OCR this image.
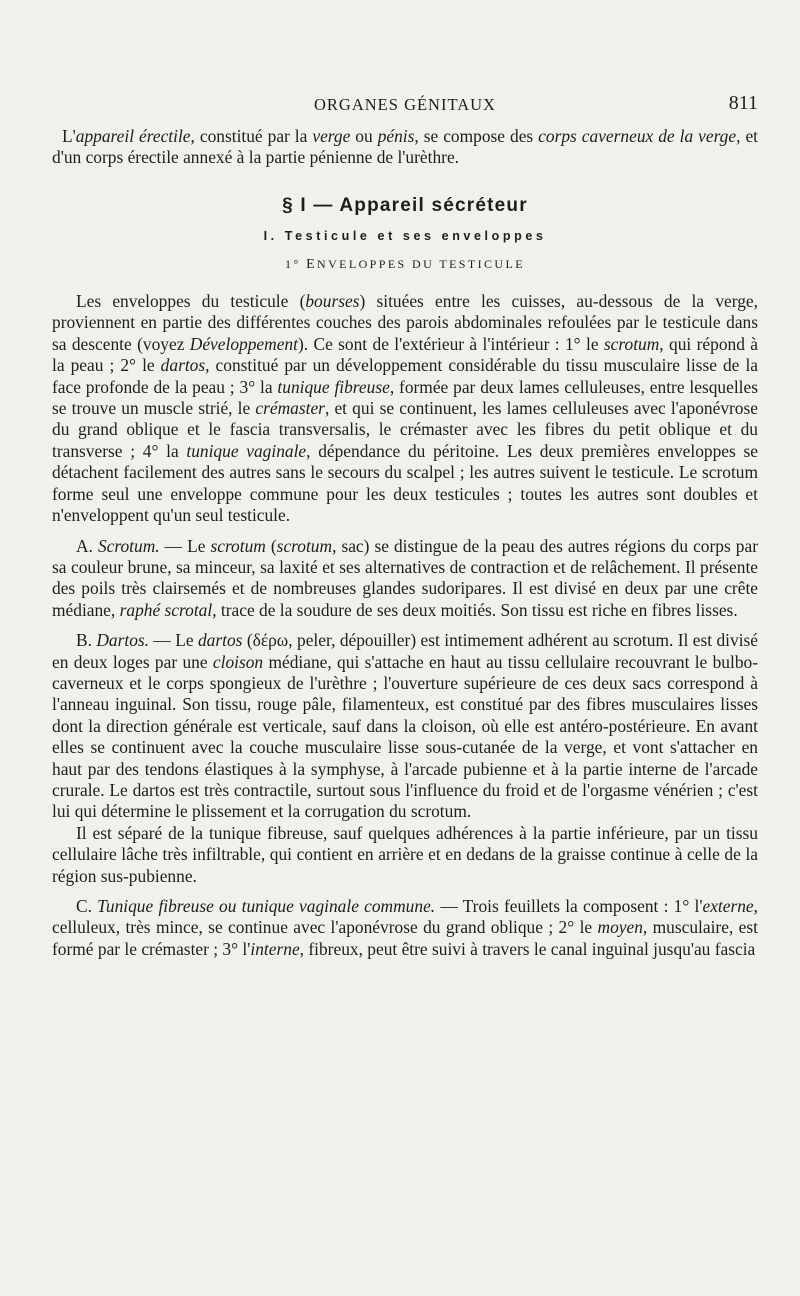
ORGANES GÉNITAUX	811

L'appareil érectile, constitué par la verge ou pénis, se compose des corps caverneux de la verge, et d'un corps érectile annexé à la partie pénienne de l'urèthre.

§ I — Appareil sécréteur
I. Testicule et ses enveloppes
1° ENVELOPPES DU TESTICULE

Les enveloppes du testicule (bourses) situées entre les cuisses, au-dessous de la verge, proviennent en partie des différentes couches des parois abdominales refoulées par le testicule dans sa descente (voyez Développement). Ce sont de l'extérieur à l'intérieur : 1° le scrotum, qui répond à la peau ; 2° le dartos, constitué par un développement considérable du tissu musculaire lisse de la face profonde de la peau ; 3° la tunique fibreuse, formée par deux lames celluleuses, entre lesquelles se trouve un muscle strié, le crémaster, et qui se continuent, les lames celluleuses avec l'aponévrose du grand oblique et le fascia transversalis, le crémaster avec les fibres du petit oblique et du transverse ; 4° la tunique vaginale, dépendance du péritoine. Les deux premières enveloppes se détachent facilement des autres sans le secours du scalpel ; les autres suivent le testicule. Le scrotum forme seul une enveloppe commune pour les deux testicules ; toutes les autres sont doubles et n'enveloppent qu'un seul testicule.

A. Scrotum. — Le scrotum (scrotum, sac) se distingue de la peau des autres régions du corps par sa couleur brune, sa minceur, sa laxité et ses alternatives de contraction et de relâchement. Il présente des poils très clairsemés et de nombreuses glandes sudoripares. Il est divisé en deux par une crête médiane, raphé scrotal, trace de la soudure de ses deux moitiés. Son tissu est riche en fibres lisses.

B. Dartos. — Le dartos (δέρω, peler, dépouiller) est intimement adhérent au scrotum. Il est divisé en deux loges par une cloison médiane, qui s'attache en haut au tissu cellulaire recouvrant le bulbo-caverneux et le corps spongieux de l'urèthre ; l'ouverture supérieure de ces deux sacs correspond à l'anneau inguinal. Son tissu, rouge pâle, filamenteux, est constitué par des fibres musculaires lisses dont la direction générale est verticale, sauf dans la cloison, où elle est antéro-postérieure. En avant elles se continuent avec la couche musculaire lisse sous-cutanée de la verge, et vont s'attacher en haut par des tendons élastiques à la symphyse, à l'arcade pubienne et à la partie interne de l'arcade crurale. Le dartos est très contractile, surtout sous l'influence du froid et de l'orgasme vénérien ; c'est lui qui détermine le plissement et la corrugation du scrotum.

Il est séparé de la tunique fibreuse, sauf quelques adhérences à la partie inférieure, par un tissu cellulaire lâche très infiltrable, qui contient en arrière et en dedans de la graisse continue à celle de la région sus-pubienne.

C. Tunique fibreuse ou tunique vaginale commune. — Trois feuillets la composent : 1° l'externe, celluleux, très mince, se continue avec l'aponévrose du grand oblique ; 2° le moyen, musculaire, est formé par le crémaster ; 3° l'interne, fibreux, peut être suivi à travers le canal inguinal jusqu'au fascia
